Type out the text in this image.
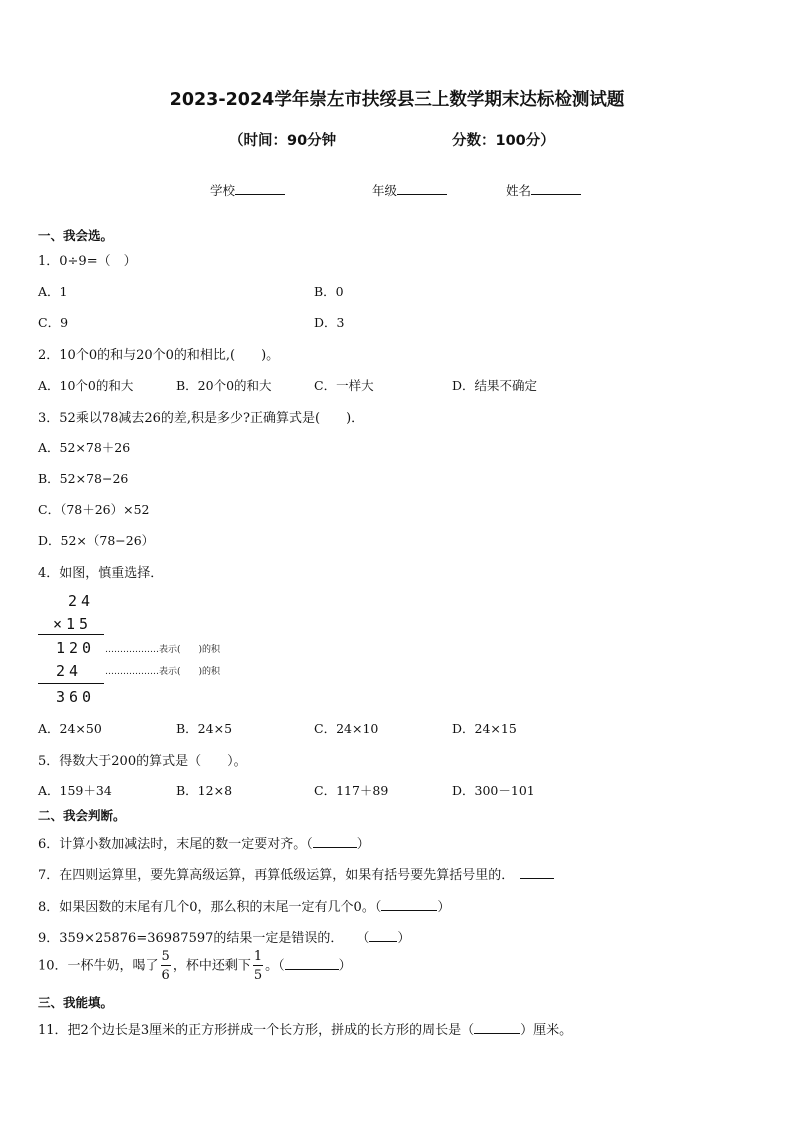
2023-2024学年崇左市扶绥县三上数学期末达标检测试题
（时间：90分钟	分数：100分）
学校	年级	姓名
一、我会选。
1．0÷9=（　）
A．1	B．0
C．9	D．3
2．10个0的和与20个0的和相比,(　　)。
A．10个0的和大	B．20个0的和大	C．一样大	D．结果不确定
3．52乘以78减去26的差,积是多少?正确算式是(　　)．
A．52×78＋26
B．52×78−26
C．（78＋26）×52
D．52×（78−26）
4．如图，慎重选择．
24
×15
120 ………………表示(　　)的积
24	………………表示(　　)的积
360
A．24×50	B．24×5	C．24×10	D．24×15
5．得数大于200的算式是（　　）。
A．159＋34	B．12×8	C．117＋89	D．300－101
二、我会判断。
6．计算小数加减法时，末尾的数一定要对齐。（	）
7．在四则运算里，要先算高级运算，再算低级运算，如果有括号要先算括号里的．
8．如果因数的末尾有几个0，那么积的末尾一定有几个0。（	）
9．359×25876=36987597的结果一定是错误的．　　（ ）
10．一杯牛奶，喝了 $\frac{5}{6}$ ，杯中还剩下 $\frac{1}{5}$ 。（	）
三、我能填。
11．把2个边长是3厘米的正方形拼成一个长方形，拼成的长方形的周长是（	）厘米。
